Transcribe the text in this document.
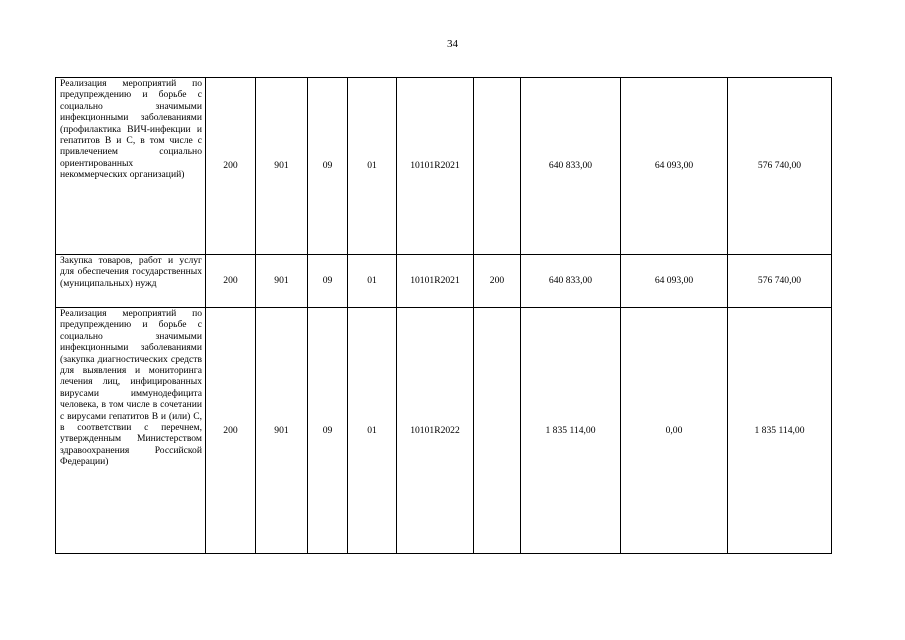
34
Реализация мероприятий по предупреждению и борьбе с социально значимыми инфекционными заболеваниями (профилактика ВИЧ-инфекции и гепатитов В и С, в том числе с привлечением социально ориентированных некоммерческих организаций)	200	901	09	01	10101R2021		640 833,00	64 093,00	576 740,00
Закупка товаров, работ и услуг для обеспечения государственных (муниципальных) нужд	200	901	09	01	10101R2021	200	640 833,00	64 093,00	576 740,00
Реализация мероприятий по предупреждению и борьбе с социально значимыми инфекционными заболеваниями (закупка диагностических средств для выявления и мониторинга лечения лиц, инфицированных вирусами иммунодефицита человека, в том числе в сочетании с вирусами гепатитов В и (или) С, в соответствии с перечнем, утвержденным Министерством здравоохранения Российской Федерации)	200	901	09	01	10101R2022		1 835 114,00	0,00	1 835 114,00
